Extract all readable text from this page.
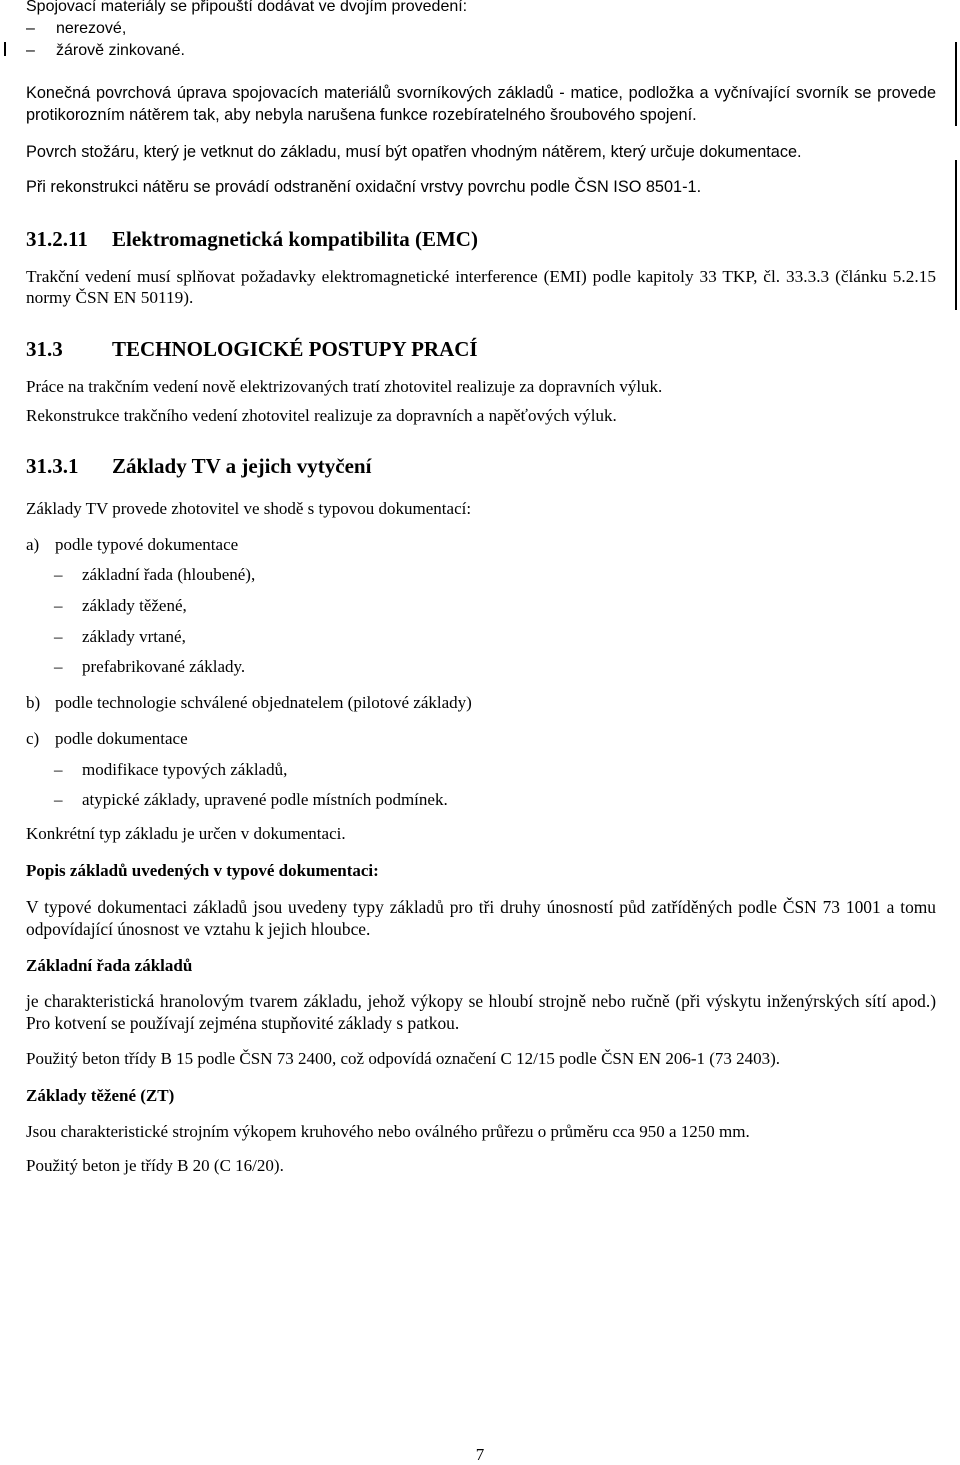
Spojovací materiály se připouští dodávat ve dvojím provedení:

– nerezové,

– žárově zinkované.

Konečná povrchová úprava spojovacích materiálů svorníkových základů - matice, podložka a vyčnívající svorník se provede protikorozním nátěrem tak, aby nebyla narušena funkce rozebíratelného šroubového spojení.

Povrch stožáru, který je vetknut do základu, musí být opatřen vhodným nátěrem, který určuje dokumentace.

Při rekonstrukci nátěru se provádí odstranění oxidační vrstvy povrchu podle ČSN ISO 8501-1.

31.2.11	Elektromagnetická kompatibilita (EMC)

Trakční vedení musí splňovat požadavky elektromagnetické interference (EMI) podle kapitoly 33 TKP, čl. 33.3.3 (článku 5.2.15 normy ČSN EN 50119).

31.3	TECHNOLOGICKÉ POSTUPY PRACÍ

Práce na trakčním vedení nově elektrizovaných tratí zhotovitel realizuje za dopravních výluk.

Rekonstrukce trakčního vedení zhotovitel realizuje za dopravních a napěťových výluk.

31.3.1	Základy TV a jejich vytyčení

Základy TV provede zhotovitel ve shodě s typovou dokumentací:

a) podle typové dokumentace

– základní řada (hloubené),

– základy těžené,

– základy vrtané,

– prefabrikované základy.

b) podle technologie schválené objednatelem (pilotové základy)
c) podle dokumentace

– modifikace typových základů,

– atypické základy, upravené podle místních podmínek.

Konkrétní typ základu je určen v dokumentaci.

Popis základů uvedených v typové dokumentaci:

V typové dokumentaci základů jsou uvedeny typy základů pro tři druhy únosností půd zatříděných podle ČSN 73 1001 a tomu odpovídající únosnost ve vztahu k jejich hloubce.

Základní řada základů

je charakteristická hranolovým tvarem základu, jehož výkopy se hloubí strojně nebo ručně (při výskytu inženýrských sítí apod.) Pro kotvení se používají zejména stupňovité základy s patkou.

Použitý beton třídy B 15 podle ČSN 73 2400, což odpovídá označení C 12/15 podle ČSN EN 206-1 (73 2403).

Základy těžené (ZT)

Jsou charakteristické strojním výkopem kruhového nebo oválného průřezu o průměru cca 950 a 1250 mm.

Použitý beton je třídy B 20 (C 16/20).

7
